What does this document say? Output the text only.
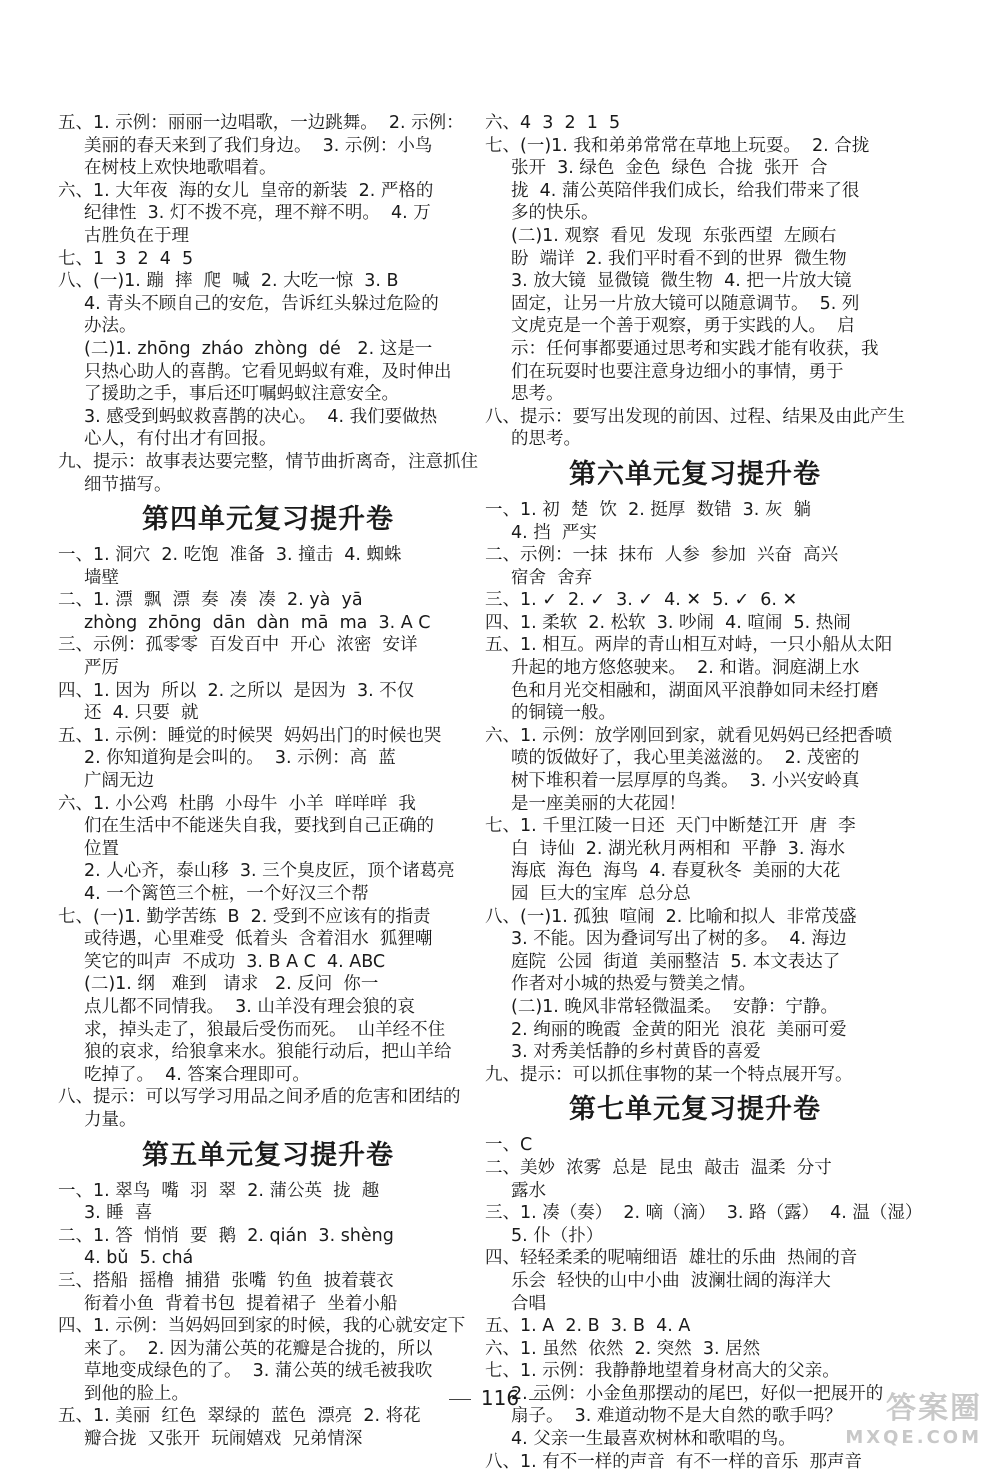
五、1. 示例：丽丽一边唱歌，一边跳舞。  2. 示例：
美丽的春天来到了我们身边。  3. 示例：小鸟
在树枝上欢快地歌唱着。
六、1. 大年夜  海的女儿  皇帝的新装  2. 严格的
纪律性  3. 灯不拨不亮，理不辩不明。  4. 万
古胜负在于理
七、1  3  2  4  5
八、(一)1. 蹦  摔  爬  喊  2. 大吃一惊  3. B
4. 青头不顾自己的安危，告诉红头躲过危险的
办法。
(二)1. zhōng  zháo  zhòng  dé   2. 这是一
只热心助人的喜鹊。它看见蚂蚁有难，及时伸出
了援助之手，事后还叮嘱蚂蚁注意安全。
3. 感受到蚂蚁救喜鹊的决心。  4. 我们要做热
心人，有付出才有回报。
九、提示：故事表达要完整，情节曲折离奇，注意抓住
细节描写。
第四单元复习提升卷
一、1. 洞穴  2. 吃饱  准备  3. 撞击  4. 蜘蛛
墙壁
二、1. 漂  飘  漂  奏  凑  凑  2. yà  yā
zhòng  zhōng  dān  dàn  mā  ma  3. A C
三、示例：孤零零  百发百中  开心  浓密  安详
严厉
四、1. 因为  所以  2. 之所以  是因为  3. 不仅
还  4. 只要  就
五、1. 示例：睡觉的时候哭  妈妈出门的时候也哭
2. 你知道狗是会叫的。  3. 示例：高  蓝
广阔无边
六、1. 小公鸡  杜鹃  小母牛  小羊  咩咩咩  我
们在生活中不能迷失自我，要找到自己正确的
位置
2. 人心齐，泰山移  3. 三个臭皮匠，顶个诸葛亮
4. 一个篱笆三个桩，一个好汉三个帮
七、(一)1. 勤学苦练  B  2. 受到不应该有的指责
或待遇，心里难受  低着头  含着泪水  狐狸嘲
笑它的叫声  不成功  3. B A C  4. ABC
(二)1. 纲   难到   请求   2. 反问  你一
点儿都不同情我。  3. 山羊没有理会狼的哀
求，掉头走了，狼最后受伤而死。  山羊经不住
狼的哀求，给狼拿来水。狼能行动后，把山羊给
吃掉了。  4. 答案合理即可。
八、提示：可以写学习用品之间矛盾的危害和团结的
力量。
第五单元复习提升卷
一、1. 翠鸟  嘴  羽  翠  2. 蒲公英  拢  趣
3. 睡  喜
二、1. 答  悄悄  要  鹅  2. qián  3. shèng
4. bǔ  5. chá
三、搭船  摇橹  捕猎  张嘴  钓鱼  披着蓑衣
衔着小鱼  背着书包  提着裙子  坐着小船
四、1. 示例：当妈妈回到家的时候，我的心就安定下
来了。  2. 因为蒲公英的花瓣是合拢的，所以
草地变成绿色的了。  3. 蒲公英的绒毛被我吹
到他的脸上。
五、1. 美丽  红色  翠绿的  蓝色  漂亮  2. 将花
瓣合拢  又张开  玩闹嬉戏  兄弟情深
六、4  3  2  1  5
七、(一)1. 我和弟弟常常在草地上玩耍。  2. 合拢
张开  3. 绿色  金色  绿色  合拢  张开  合
拢  4. 蒲公英陪伴我们成长，给我们带来了很
多的快乐。
(二)1. 观察  看见  发现  东张西望  左顾右
盼  端详  2. 我们平时看不到的世界  微生物
3. 放大镜  显微镜  微生物  4. 把一片放大镜
固定，让另一片放大镜可以随意调节。  5. 列
文虎克是一个善于观察，勇于实践的人。  启
示：任何事都要通过思考和实践才能有收获，我
们在玩耍时也要注意身边细小的事情，勇于
思考。
八、提示：要写出发现的前因、过程、结果及由此产生
的思考。
第六单元复习提升卷
一、1. 初  楚  饮  2. 挺厚  数错  3. 灰  躺
4. 挡  严实
二、示例：一抹  抹布  人参  参加  兴奋  高兴
宿舍  舍弃
三、1. ✓  2. ✓  3. ✓  4. ✕  5. ✓  6. ✕
四、1. 柔软  2. 松软  3. 吵闹  4. 喧闹  5. 热闹
五、1. 相互。两岸的青山相互对峙，一只小船从太阳
升起的地方悠悠驶来。  2. 和谐。洞庭湖上水
色和月光交相融和，湖面风平浪静如同未经打磨
的铜镜一般。
六、1. 示例：放学刚回到家，就看见妈妈已经把香喷
喷的饭做好了，我心里美滋滋的。  2. 茂密的
树下堆积着一层厚厚的鸟粪。  3. 小兴安岭真
是一座美丽的大花园！
七、1. 千里江陵一日还  天门中断楚江开  唐  李
白  诗仙  2. 湖光秋月两相和  平静  3. 海水
海底  海色  海鸟  4. 春夏秋冬  美丽的大花
园  巨大的宝库  总分总
八、(一)1. 孤独  喧闹  2. 比喻和拟人  非常茂盛
3. 不能。因为叠词写出了树的多。  4. 海边
庭院  公园  街道  美丽整洁  5. 本文表达了
作者对小城的热爱与赞美之情。
(二)1. 晚风非常轻微温柔。  安静：宁静。
2. 绚丽的晚霞  金黄的阳光  浪花  美丽可爱
3. 对秀美恬静的乡村黄昏的喜爱
九、提示：可以抓住事物的某一个特点展开写。
第七单元复习提升卷
一、C
二、美妙  浓雾  总是  昆虫  敲击  温柔  分寸
露水
三、1. 凑（奏）  2. 嘀（滴）  3. 路（露）  4. 温（湿）
5. 仆（扑）
四、轻轻柔柔的呢喃细语  雄壮的乐曲  热闹的音
乐会  轻快的山中小曲  波澜壮阔的海洋大
合唱
五、1. A  2. B  3. B  4. A
六、1. 虽然  依然  2. 突然  3. 居然
七、1. 示例：我静静地望着身材高大的父亲。
2. 示例：小金鱼那摆动的尾巴，好似一把展开的
扇子。  3. 难道动物不是大自然的歌手吗？
4. 父亲一生最喜欢树林和歌唱的鸟。
八、1. 有不一样的声音  有不一样的音乐  那声音
116	答案圈
MXQE.COM
